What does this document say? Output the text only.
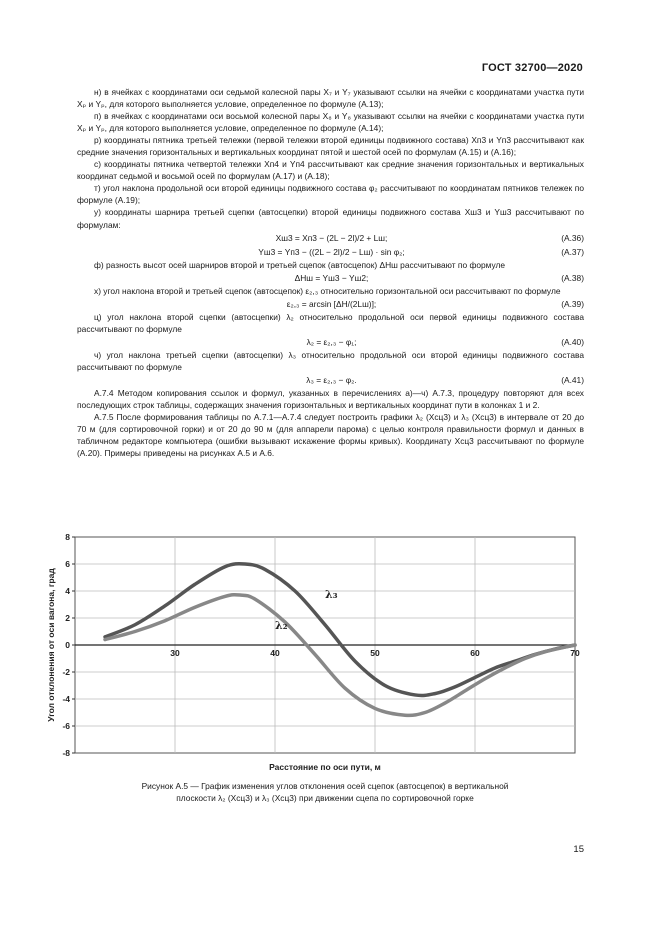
ГОСТ 32700—2020

н) в ячейках с координатами оси седьмой колесной пары X₇ и Y₇ указывают ссылки на ячейки с координатами участка пути Xₚ и Yₚ, для которого выполняется условие, определенное по формуле (А.13);

п) в ячейках с координатами оси восьмой колесной пары X₈ и Y₈ указывают ссылки на ячейки с координатами участка пути Xₚ и Yₚ, для которого выполняется условие, определенное по формуле (А.14);

р) координаты пятника третьей тележки (первой тележки второй единицы подвижного состава) Xп3 и Yп3 рассчитывают как средние значения горизонтальных и вертикальных координат пятой и шестой осей по формулам (А.15) и (А.16);

с) координаты пятника четвертой тележки Xп4 и Yп4 рассчитывают как средние значения горизонтальных и вертикальных координат седьмой и восьмой осей по формулам (А.17) и (А.18);

т) угол наклона продольной оси второй единицы подвижного состава φ₂ рассчитывают по координатам пятников тележек по формуле (А.19);

у) координаты шарнира третьей сцепки (автосцепки) второй единицы подвижного состава Xш3 и Yш3 рассчитывают по формулам:

Xш3 = Xп3 − (2L − 2l)/2 + Lш;	(А.36)
Yш3 = Yп3 − ((2L − 2l)/2 − Lш) · sin φ₂;	(А.37)

ф) разность высот осей шарниров второй и третьей сцепок (автосцепок) ΔHш рассчитывают по формуле

ΔHш = Yш3 − Yш2;	(А.38)

х) угол наклона второй и третьей сцепок (автосцепок) ε₂,₃ относительно горизонтальной оси рассчитывают по формуле

ε₂,₃ = arcsin [ΔH/(2Lш)];	(А.39)

ц) угол наклона второй сцепки (автосцепки) λ₂ относительно продольной оси первой единицы подвижного состава рассчитывают по формуле

λ₂ = ε₂,₃ − φ₁;	(А.40)

ч) угол наклона третьей сцепки (автосцепки) λ₃ относительно продольной оси второй единицы подвижного состава рассчитывают по формуле

λ₃ = ε₂,₃ − φ₂.	(А.41)

А.7.4 Методом копирования ссылок и формул, указанных в перечислениях а)—ч) А.7.3, процедуру повторяют для всех последующих строк таблицы, содержащих значения горизонтальных и вертикальных координат пути в колонках 1 и 2.

А.7.5 После формирования таблицы по А.7.1—А.7.4 следует построить графики λ₂ (Xсц3) и λ₃ (Xсц3) в интервале от 20 до 70 м (для сортировочной горки) и от 20 до 90 м (для аппарели парома) с целью контроля правильности формул и данных в табличном редакторе компьютера (ошибки вызывают искажение формы кривых). Координату Xсц3 рассчитывают по формуле (А.20). Примеры приведены на рисунках А.5 и А.6.

8
6
4
2
0
-2
-4
-6
-8
30	40	50	60	70
λ₃
λ₂
Расстояние по оси пути, м
Угол отклонения от оси вагона, град
Рисунок А.5 — График изменения углов отклонения осей сцепок (автосцепок) в вертикальной
плоскости λ₂ (Xсц3) и λ₃ (Xсц3) при движении сцепа по сортировочной горке
15
